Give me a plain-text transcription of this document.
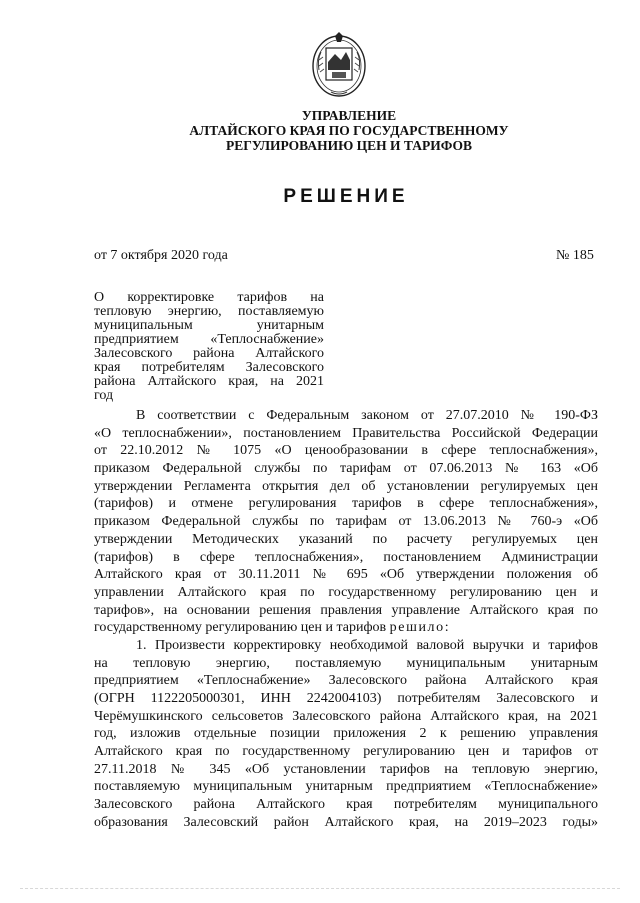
УПРАВЛЕНИЕ
АЛТАЙСКОГО КРАЯ ПО ГОСУДАРСТВЕННОМУ
РЕГУЛИРОВАНИЮ ЦЕН И ТАРИФОВ
РЕШЕНИЕ
от 7 октября 2020 года	№ 185
О корректировке тарифов на
тепловую энергию, поставляемую
муниципальным унитарным
предприятием «Теплоснабжение»
Залесовского района Алтайского
края потребителям Залесовского
района Алтайского края, на 2021
год
В соответствии с Федеральным законом от 27.07.2010 № 190-ФЗ
«О теплоснабжении», постановлением Правительства Российской Федерации
от 22.10.2012 № 1075 «О ценообразовании в сфере теплоснабжения»,
приказом Федеральной службы по тарифам от 07.06.2013 № 163 «Об
утверждении Регламента открытия дел об установлении регулируемых цен
(тарифов) и отмене регулирования тарифов в сфере теплоснабжения»,
приказом Федеральной службы по тарифам от 13.06.2013 № 760-э «Об
утверждении Методических указаний по расчету регулируемых цен
(тарифов) в сфере теплоснабжения», постановлением Администрации
Алтайского края от 30.11.2011 № 695 «Об утверждении положения об
управлении Алтайского края по государственному регулированию цен и
тарифов», на основании решения правления управление Алтайского края по
государственному регулированию цен и тарифов решило:
1. Произвести корректировку необходимой валовой выручки и тарифов
на тепловую энергию, поставляемую муниципальным унитарным
предприятием «Теплоснабжение» Залесовского района Алтайского края
(ОГРН 1122205000301, ИНН 2242004103) потребителям Залесовского и
Черёмушкинского сельсоветов Залесовского района Алтайского края, на 2021
год, изложив отдельные позиции приложения 2 к решению управления
Алтайского края по государственному регулированию цен и тарифов от
27.11.2018 № 345 «Об установлении тарифов на тепловую энергию,
поставляемую муниципальным унитарным предприятием «Теплоснабжение»
Залесовского района Алтайского края потребителям муниципального
образования Залесовский район Алтайского края, на 2019–2023 годы»
